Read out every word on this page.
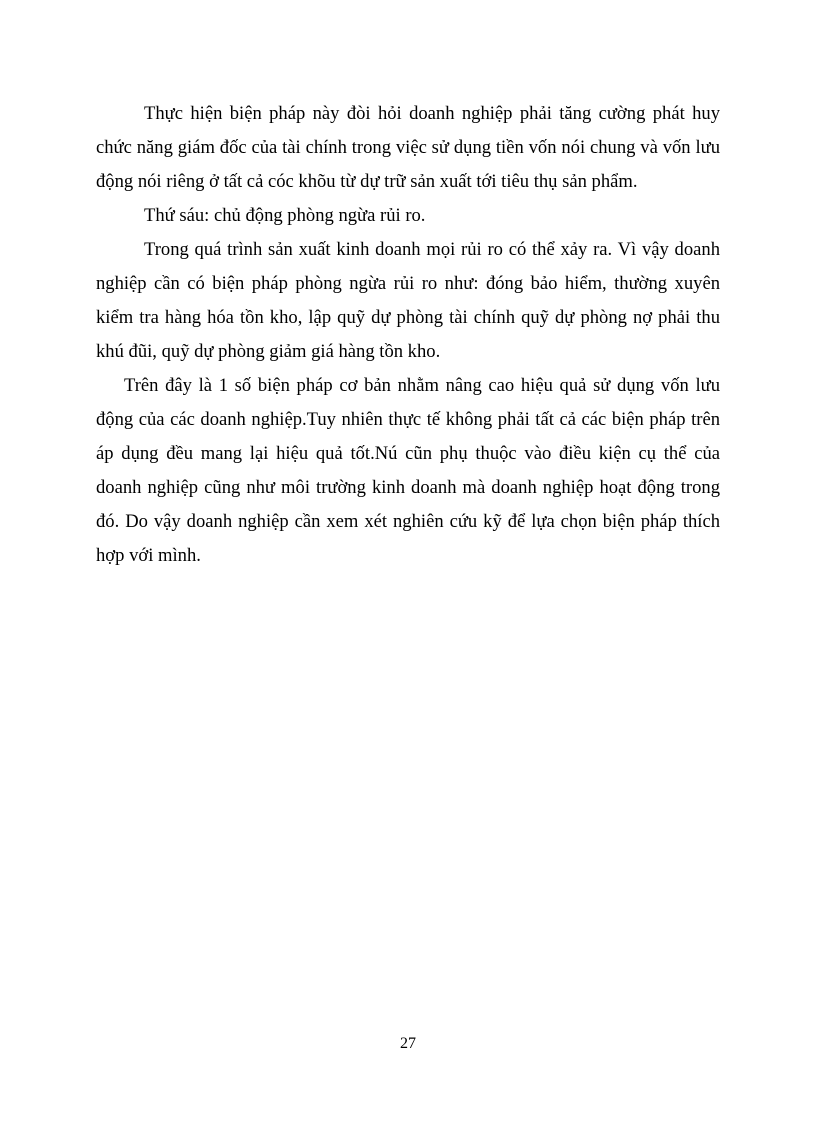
Thực hiện biện pháp này đòi hỏi doanh nghiệp phải tăng cường phát huy chức năng giám đốc của tài chính trong việc sử dụng tiền vốn nói chung và vốn lưu động nói riêng ở tất cả cóc khõu từ dự trữ sản xuất tới tiêu thụ sản phẩm.

Thứ sáu: chủ động phòng ngừa rủi ro.

Trong quá trình sản xuất kinh doanh mọi rủi ro có thể xảy ra. Vì vậy doanh nghiệp cần có biện pháp phòng ngừa rủi ro như: đóng bảo hiểm, thường xuyên kiểm tra hàng hóa tồn kho, lập quỹ dự phòng tài chính quỹ dự phòng nợ phải thu khú đũi, quỹ dự phòng giảm giá hàng tồn kho.

Trên đây là 1 số biện pháp cơ bản nhằm nâng cao hiệu quả sử dụng vốn lưu động của các doanh nghiệp.Tuy nhiên thực tế không phải tất cả các biện pháp trên áp dụng đều mang lại hiệu quả tốt.Nú cũn phụ thuộc vào điều kiện cụ thể của doanh nghiệp cũng như môi trường kinh doanh mà doanh nghiệp hoạt động trong đó. Do vậy doanh nghiệp cần xem xét nghiên cứu kỹ để lựa chọn biện pháp thích hợp với mình.

27
